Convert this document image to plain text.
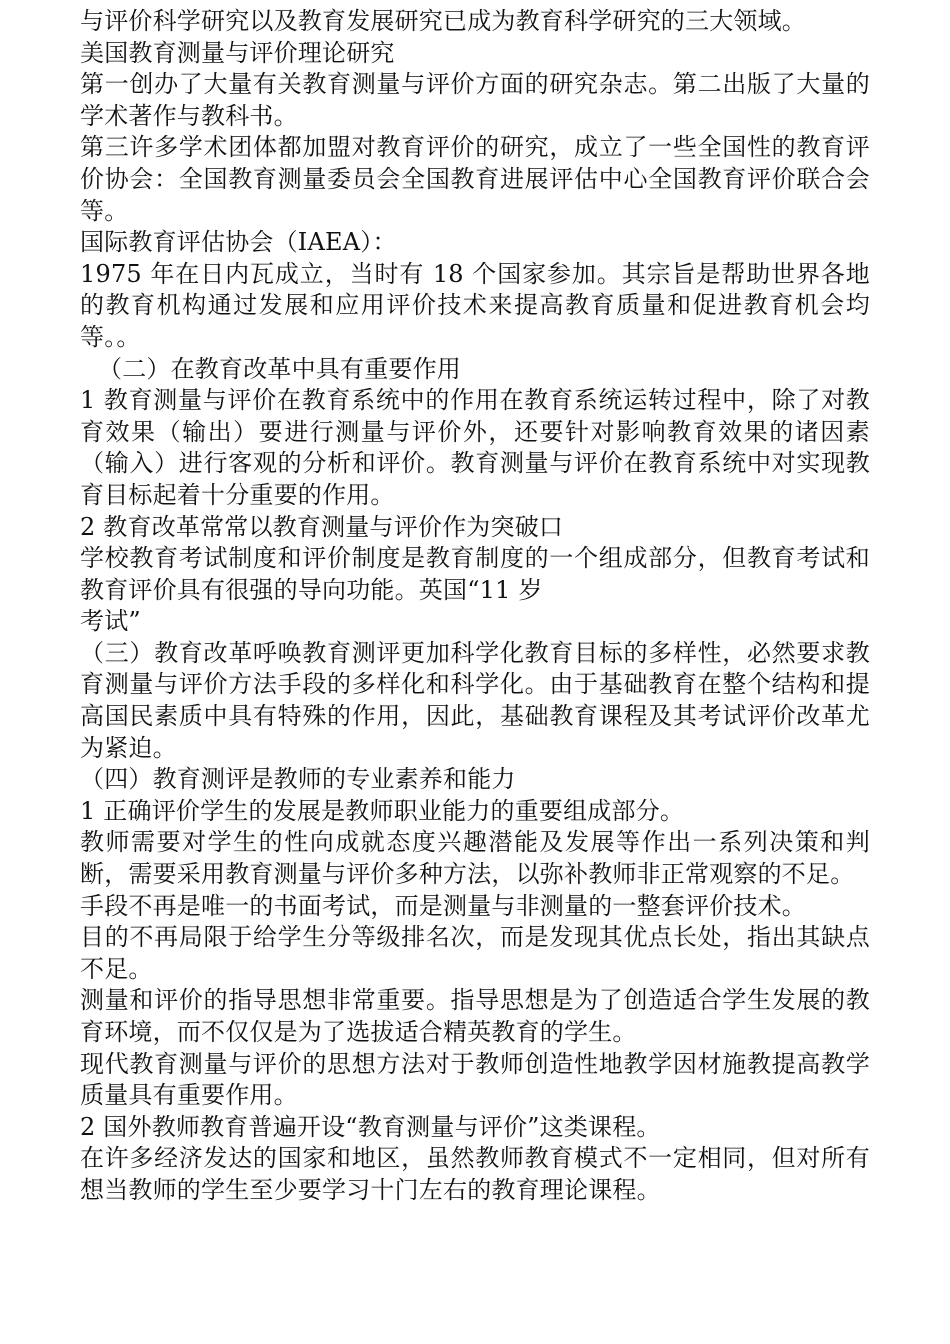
与评价科学研究以及教育发展研究已成为教育科学研究的三大领域。

美国教育测量与评价理论研究

第一创办了大量有关教育测量与评价方面的研究杂志。第二出版了大量的学术著作与教科书。

第三许多学术团体都加盟对教育评价的研究，成立了一些全国性的教育评价协会：全国教育测量委员会全国教育进展评估中心全国教育评价联合会等。

国际教育评估协会（IAEA）：

1975 年在日内瓦成立，当时有 18 个国家参加。其宗旨是帮助世界各地的教育机构通过发展和应用评价技术来提高教育质量和促进教育机会均等。。

（二）在教育改革中具有重要作用

1 教育测量与评价在教育系统中的作用在教育系统运转过程中，除了对教育效果（输出）要进行测量与评价外，还要针对影响教育效果的诸因素（输入）进行客观的分析和评价。教育测量与评价在教育系统中对实现教育目标起着十分重要的作用。

2 教育改革常常以教育测量与评价作为突破口

学校教育考试制度和评价制度是教育制度的一个组成部分，但教育考试和教育评价具有很强的导向功能。英国“11 岁

考试”

（三）教育改革呼唤教育测评更加科学化教育目标的多样性，必然要求教育测量与评价方法手段的多样化和科学化。由于基础教育在整个结构和提高国民素质中具有特殊的作用，因此，基础教育课程及其考试评价改革尤为紧迫。

（四）教育测评是教师的专业素养和能力

1 正确评价学生的发展是教师职业能力的重要组成部分。

教师需要对学生的性向成就态度兴趣潜能及发展等作出一系列决策和判断，需要采用教育测量与评价多种方法，以弥补教师非正常观察的不足。

手段不再是唯一的书面考试，而是测量与非测量的一整套评价技术。

目的不再局限于给学生分等级排名次，而是发现其优点长处，指出其缺点不足。

测量和评价的指导思想非常重要。指导思想是为了创造适合学生发展的教育环境，而不仅仅是为了选拔适合精英教育的学生。

现代教育测量与评价的思想方法对于教师创造性地教学因材施教提高教学质量具有重要作用。

2 国外教师教育普遍开设“教育测量与评价”这类课程。

在许多经济发达的国家和地区，虽然教师教育模式不一定相同，但对所有想当教师的学生至少要学习十门左右的教育理论课程。
